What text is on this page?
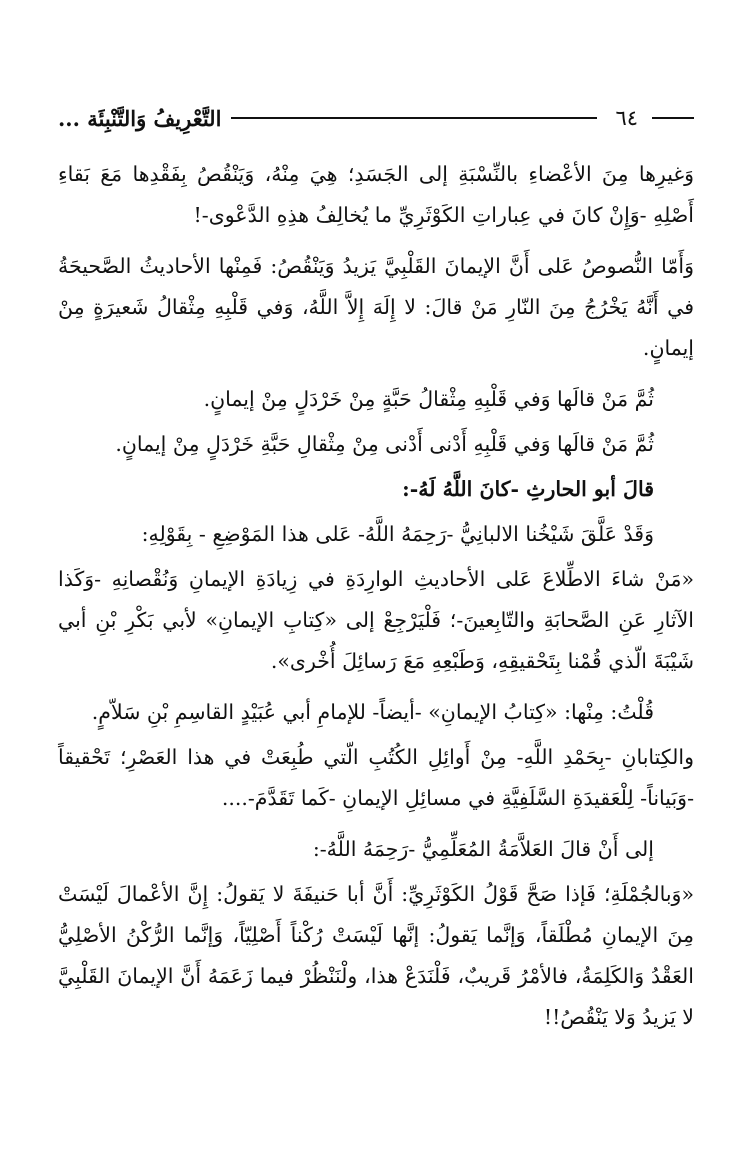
٦٤
التَّعْرِيفُ وَالتَّنْبِئَة ...

وَغيرِها مِنَ الأعْضاءِ بالنِّسْبَةِ إلى الجَسَدِ؛ هِيَ مِنْهُ، وَيَنْقُصُ بِفَقْدِها مَعَ بَقاءِ أَصْلِهِ -وَإِنْ كانَ في عِباراتِ الكَوْثَرِيِّ ما يُخالِفُ هذِهِ الدَّعْوى-!

وَأَمّا النُّصوصُ عَلى أَنَّ الإيمانَ القَلْبِيَّ يَزيدُ وَيَنْقُصُ: فَمِنْها الأحاديثُ الصَّحيحَةُ في أَنَّهُ يَخْرُجُ مِنَ النّارِ مَنْ قالَ: لا إِلَهَ إِلاَّ اللَّهُ، وَفي قَلْبِهِ مِثْقالُ شَعيرَةٍ مِنْ إيمانٍ.

ثُمَّ مَنْ قالَها وَفي قَلْبِهِ مِثْقالُ حَبَّةٍ مِنْ خَرْدَلٍ مِنْ إيمانٍ.

ثُمَّ مَنْ قالَها وَفي قَلْبِهِ أَدْنى أَدْنى مِنْ مِثْقالِ حَبَّةِ خَرْدَلٍ مِنْ إيمانٍ.

قالَ أبو الحارثِ -كانَ اللَّهُ لَهُ-:

وَقَدْ عَلَّقَ شَيْخُنا الالبانِيُّ -رَحِمَهُ اللَّهُ- عَلى هذا المَوْضِعِ - بِقَوْلِهِ:

«مَنْ شاءَ الاطِّلاعَ عَلى الأحاديثِ الوارِدَةِ في زِيادَةِ الإيمانِ وَنُقْصانِهِ -وَكَذا الآثارِ عَنِ الصَّحابَةِ والتّابِعينَ-؛ فَلْيَرْجِعْ إلى «كِتابِ الإيمانِ» لأبي بَكْرِ بْنِ أبي شَيْبَةَ الّذي قُمْنا بِتَحْقيقِهِ، وَطَبْعِهِ مَعَ رَسائِلَ أُخْرى».

قُلْتُ: مِنْها: «كِتابُ الإيمانِ» -أيضاً- للإمامِ أبي عُبَيْدٍ القاسِمِ بْنِ سَلاّمٍ.

والكِتابانِ -بِحَمْدِ اللَّهِ- مِنْ أَوائِلِ الكُتُبِ الّتي طُبِعَتْ في هذا العَصْرِ؛ تَحْقيقاً -وَبَياناً- لِلْعَقيدَةِ السَّلَفِيَّةِ في مسائِلِ الإيمانِ -كَما تَقَدَّمَ-....

إلى أَنْ قالَ العَلاَّمَةُ المُعَلِّمِيُّ -رَحِمَهُ اللَّهُ-:

«وَبالجُمْلَةِ؛ فَإذا صَحَّ قَوْلُ الكَوْثَرِيِّ: أَنَّ أبا حَنيفَةَ لا يَقولُ: إِنَّ الأعْمالَ لَيْسَتْ مِنَ الإيمانِ مُطْلَقاً، وَإنَّما يَقولُ: إنَّها لَيْسَتْ رُكْناً أَصْلِيّاً، وَإنَّما الرُّكْنُ الأصْلِيُّ العَقْدُ وَالكَلِمَةُ، فالأمْرُ قَريبٌ، فَلْنَدَعْ هذا، ولْنَنْظُرْ فيما زَعَمَهُ أَنَّ الإيمانَ القَلْبِيَّ لا يَزيدُ وَلا يَنْقُصُ!!
